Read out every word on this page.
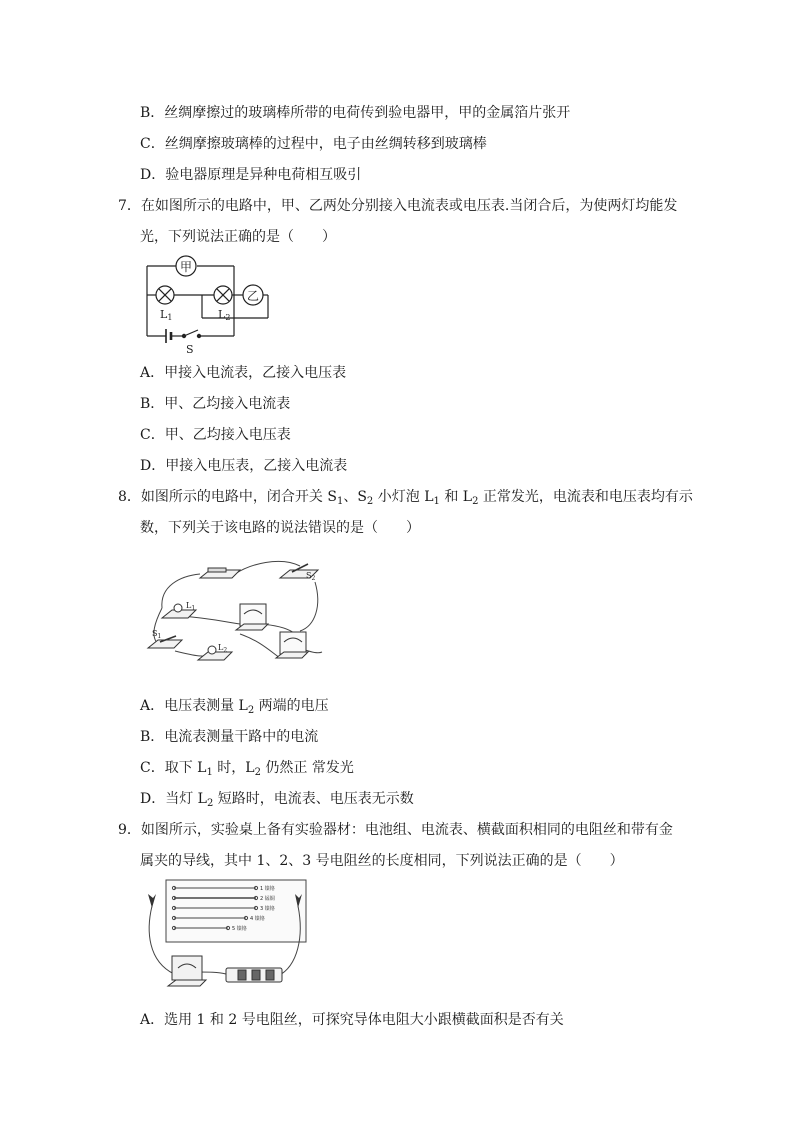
B．丝绸摩擦过的玻璃棒所带的电荷传到验电器甲，甲的金属箔片张开
C．丝绸摩擦玻璃棒的过程中，电子由丝绸转移到玻璃棒
D．验电器原理是异种电荷相互吸引
7．在如图所示的电路中，甲、乙两处分别接入电流表或电压表.当闭合后，为使两灯均能发
光，下列说法正确的是（　　）
甲
乙
L1	L2
S
A．甲接入电流表，乙接入电压表
B．甲、乙均接入电流表
C．甲、乙均接入电压表
D．甲接入电压表，乙接入电流表
8．如图所示的电路中，闭合开关 $S_1$、$S_2$ 小灯泡 $L_1$ 和 $L_2$ 正常发光，电流表和电压表均有示
数，下列关于该电路的说法错误的是（　　）
$S_2$
$L_1$
$S_1$
$L_2$
A．电压表测量 $L_2$ 两端的电压
B．电流表测量干路中的电流
C．取下 $L_1$ 时，$L_2$ 仍然正 常发光
D．当灯 $L_2$ 短路时，电流表、电压表无示数
9．如图所示，实验桌上备有实验器材：电池组、电流表、横截面积相同的电阻丝和带有金
属夹的导线，其中 1、2、3 号电阻丝的长度相同，下列说法正确的是（　　）
1 镍铬
2 锰铜
3 镍铬
4 镍铬
5 镍铬
A．选用 1 和 2 号电阻丝，可探究导体电阻大小跟横截面积是否有关
